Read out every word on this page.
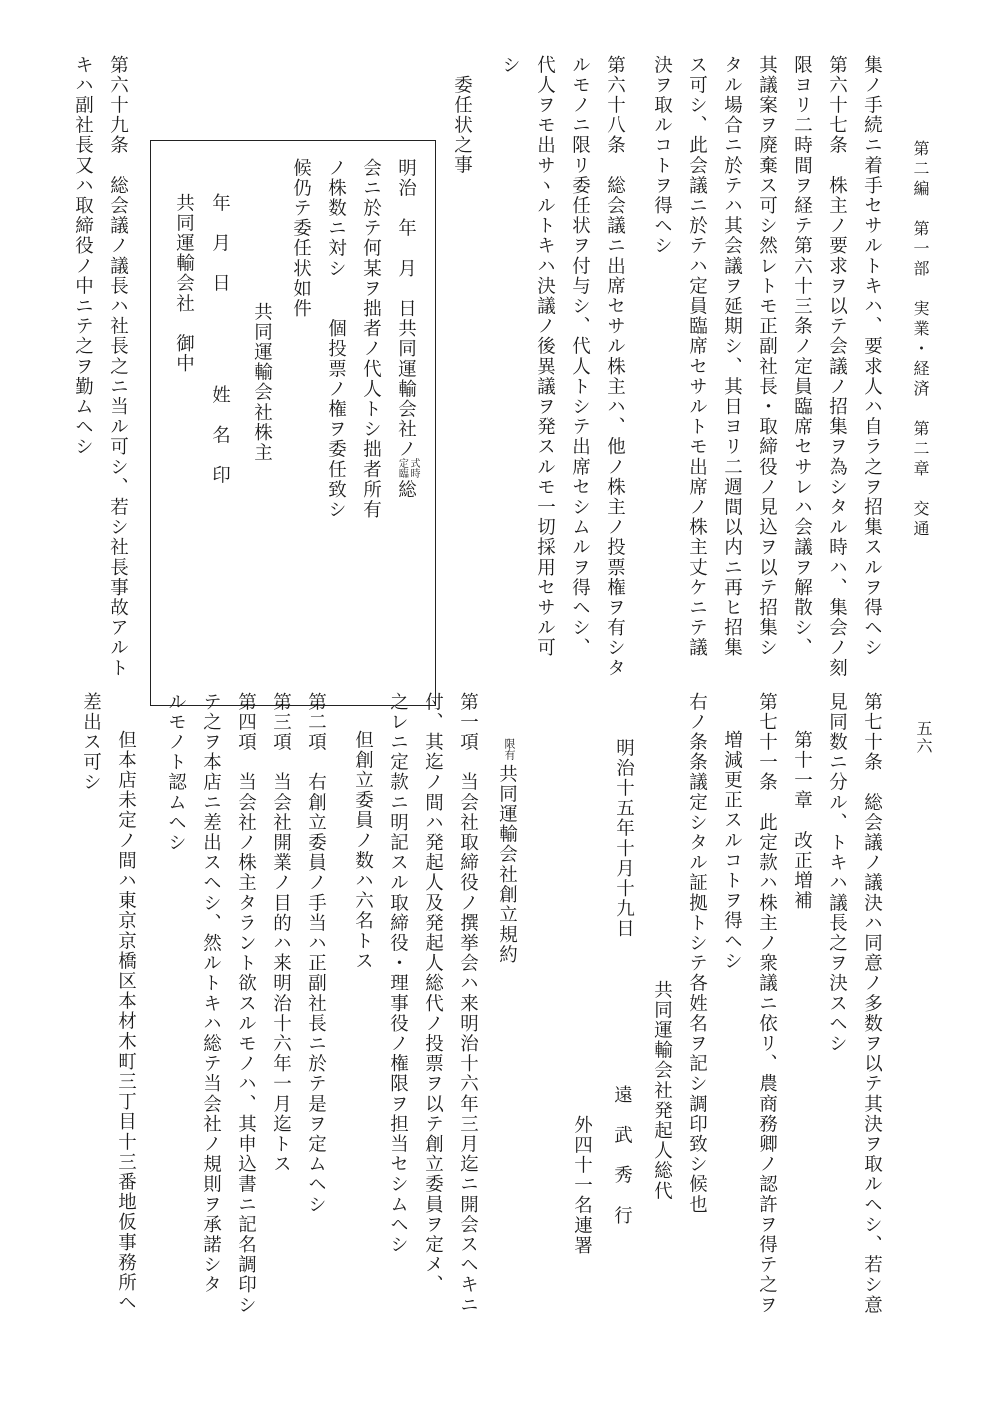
第二編　第一部　実業・経済　第二章　交通
五六
集ノ手続ニ着手セサルトキハ、要求人ハ自ラ之ヲ招集スルヲ得ヘシ
第六十七条　株主ノ要求ヲ以テ会議ノ招集ヲ為シタル時ハ、集会ノ刻
限ヨリ二時間ヲ経テ第六十三条ノ定員臨席セサレハ会議ヲ解散シ、
其議案ヲ廃棄ス可シ然レトモ正副社長・取締役ノ見込ヲ以テ招集シ
タル場合ニ於テハ其会議ヲ延期シ、其日ヨリ二週間以内ニ再ヒ招集
ス可シ、此会議ニ於テハ定員臨席セサルトモ出席ノ株主丈ケニテ議
決ヲ取ルコトヲ得ヘシ
第六十八条　総会議ニ出席セサル株主ハ、他ノ株主ノ投票権ヲ有シタ
ルモノニ限リ委任状ヲ付与シ、代人トシテ出席セシムルヲ得ヘシ、
代人ヲモ出サヽルトキハ決議ノ後異議ヲ発スルモ一切採用セサル可
シ
委任状之事
明治　年　月　日共同運輸会社ノ
定式
臨時
総
会ニ於テ何某ヲ拙者ノ代人トシ拙者所有
ノ株数ニ対シ　　個投票ノ権ヲ委任致シ
候仍テ委任状如件
共同運輸会社株主
年　月　日
姓　名　印
共同運輸会社　御中
第六十九条　総会議ノ議長ハ社長之ニ当ル可シ、若シ社長事故アルト
キハ副社長又ハ取締役ノ中ニテ之ヲ勤ムヘシ
第七十条　総会議ノ議決ハ同意ノ多数ヲ以テ其決ヲ取ルヘシ、若シ意
見同数ニ分ル、トキハ議長之ヲ決スヘシ
第十一章　改正増補
第七十一条　此定款ハ株主ノ衆議ニ依リ、農商務卿ノ認許ヲ得テ之ヲ
増減更正スルコトヲ得ヘシ
右ノ条条議定シタル証拠トシテ各姓名ヲ記シ調印致シ候也
共同運輸会社発起人総代
明治十五年十月十九日
遠　武　秀　行
外四十一名連署
限有
共同運輸会社創立規約
第一項　当会社取締役ノ撰挙会ハ来明治十六年三月迄ニ開会スヘキニ
付、其迄ノ間ハ発起人及発起人総代ノ投票ヲ以テ創立委員ヲ定メ、
之レニ定款ニ明記スル取締役・理事役ノ権限ヲ担当セシムヘシ
但創立委員ノ数ハ六名トス
第二項　右創立委員ノ手当ハ正副社長ニ於テ是ヲ定ムヘシ
第三項　当会社開業ノ目的ハ来明治十六年一月迄トス
第四項　当会社ノ株主タラント欲スルモノハ、其申込書ニ記名調印シ
テ之ヲ本店ニ差出スヘシ、然ルトキハ総テ当会社ノ規則ヲ承諾シタ
ルモノト認ムヘシ
但本店未定ノ間ハ東京京橋区本材木町三丁目十三番地仮事務所ヘ
差出ス可シ
